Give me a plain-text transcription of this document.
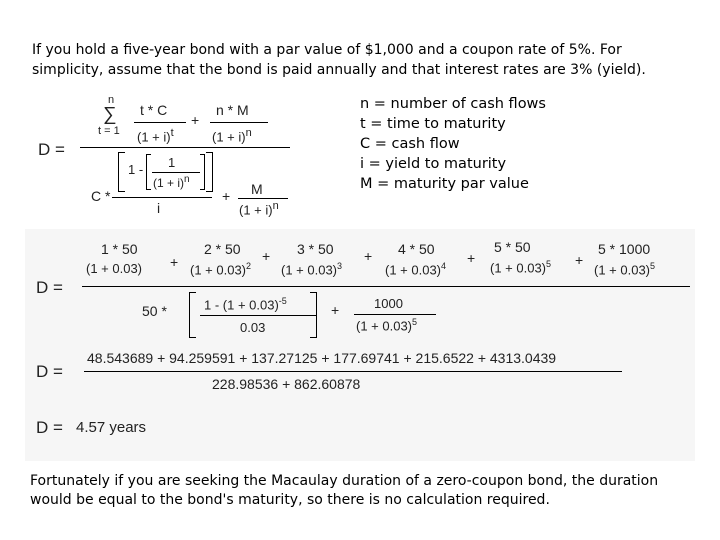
If you hold a five-year bond with a par value of $1,000 and a coupon rate of 5%. For
simplicity, assume that the bond is paid annually and that interest rates are 3% (yield).
D =
n
∑
t = 1
t * C
$(1 + i)^t$
+
n * M
$(1 + i)^n$
1 - 1
$(1 + i)^n$
C *
i
+ M
$(1 + i)^n$
n = number of cash flows
t = time to maturity
C = cash flow
i = yield to maturity
M = maturity par value
D =
1 * 50
(1 + 0.03) +
2 * 50
$(1 + 0.03)^2$
+ 3 * 50
$(1 + 0.03)^3$
+ 4 * 50
$(1 + 0.03)^4$ +
5 * 50
$(1 + 0.03)^5$ +
5 * 1000
$(1 + 0.03)^5$
50 *	$1 - (1 + 0.03)^{-5}$
0.03
+	1000
$(1 + 0.03)^5$
D =
48.543689 + 94.259591 + 137.27125 + 177.69741 + 215.6522 + 4313.0439
228.98536 + 862.60878
D = 4.57 years
Fortunately if you are seeking the Macaulay duration of a zero-coupon bond, the duration
would be equal to the bond's maturity, so there is no calculation required.
